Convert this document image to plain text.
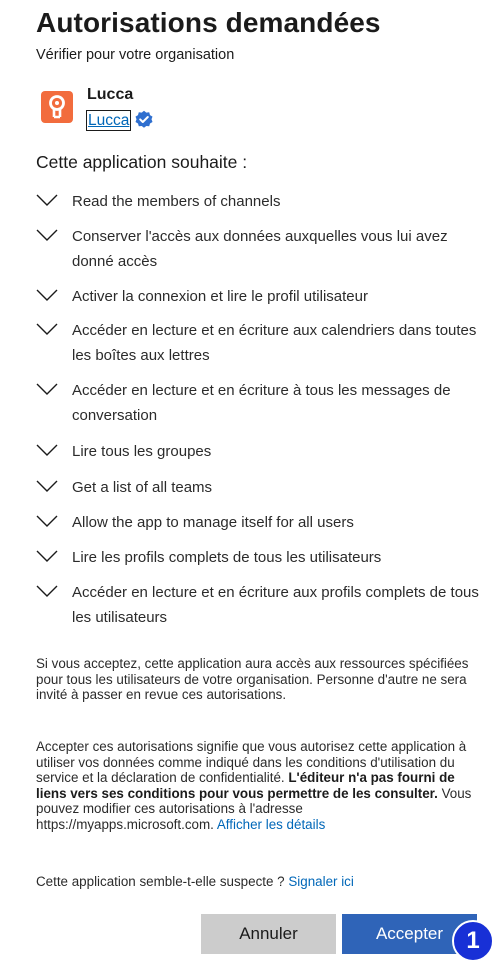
Autorisations demandées
Vérifier pour votre organisation
Lucca
Lucca
Cette application souhaite :
Read the members of channels
Conserver l'accès aux données auxquelles vous lui avez donné accès
Activer la connexion et lire le profil utilisateur
Accéder en lecture et en écriture aux calendriers dans toutes les boîtes aux lettres
Accéder en lecture et en écriture à tous les messages de conversation
Lire tous les groupes
Get a list of all teams
Allow the app to manage itself for all users
Lire les profils complets de tous les utilisateurs
Accéder en lecture et en écriture aux profils complets de tous les utilisateurs
Si vous acceptez, cette application aura accès aux ressources spécifiées pour tous les utilisateurs de votre organisation. Personne d'autre ne sera invité à passer en revue ces autorisations.
Accepter ces autorisations signifie que vous autorisez cette application à utiliser vos données comme indiqué dans les conditions d'utilisation du service et la déclaration de confidentialité. L'éditeur n'a pas fourni de liens vers ses conditions pour vous permettre de les consulter. Vous pouvez modifier ces autorisations à l'adresse https://myapps.microsoft.com. Afficher les détails
Cette application semble-t-elle suspecte ? Signaler ici
Annuler	Accepter 1
